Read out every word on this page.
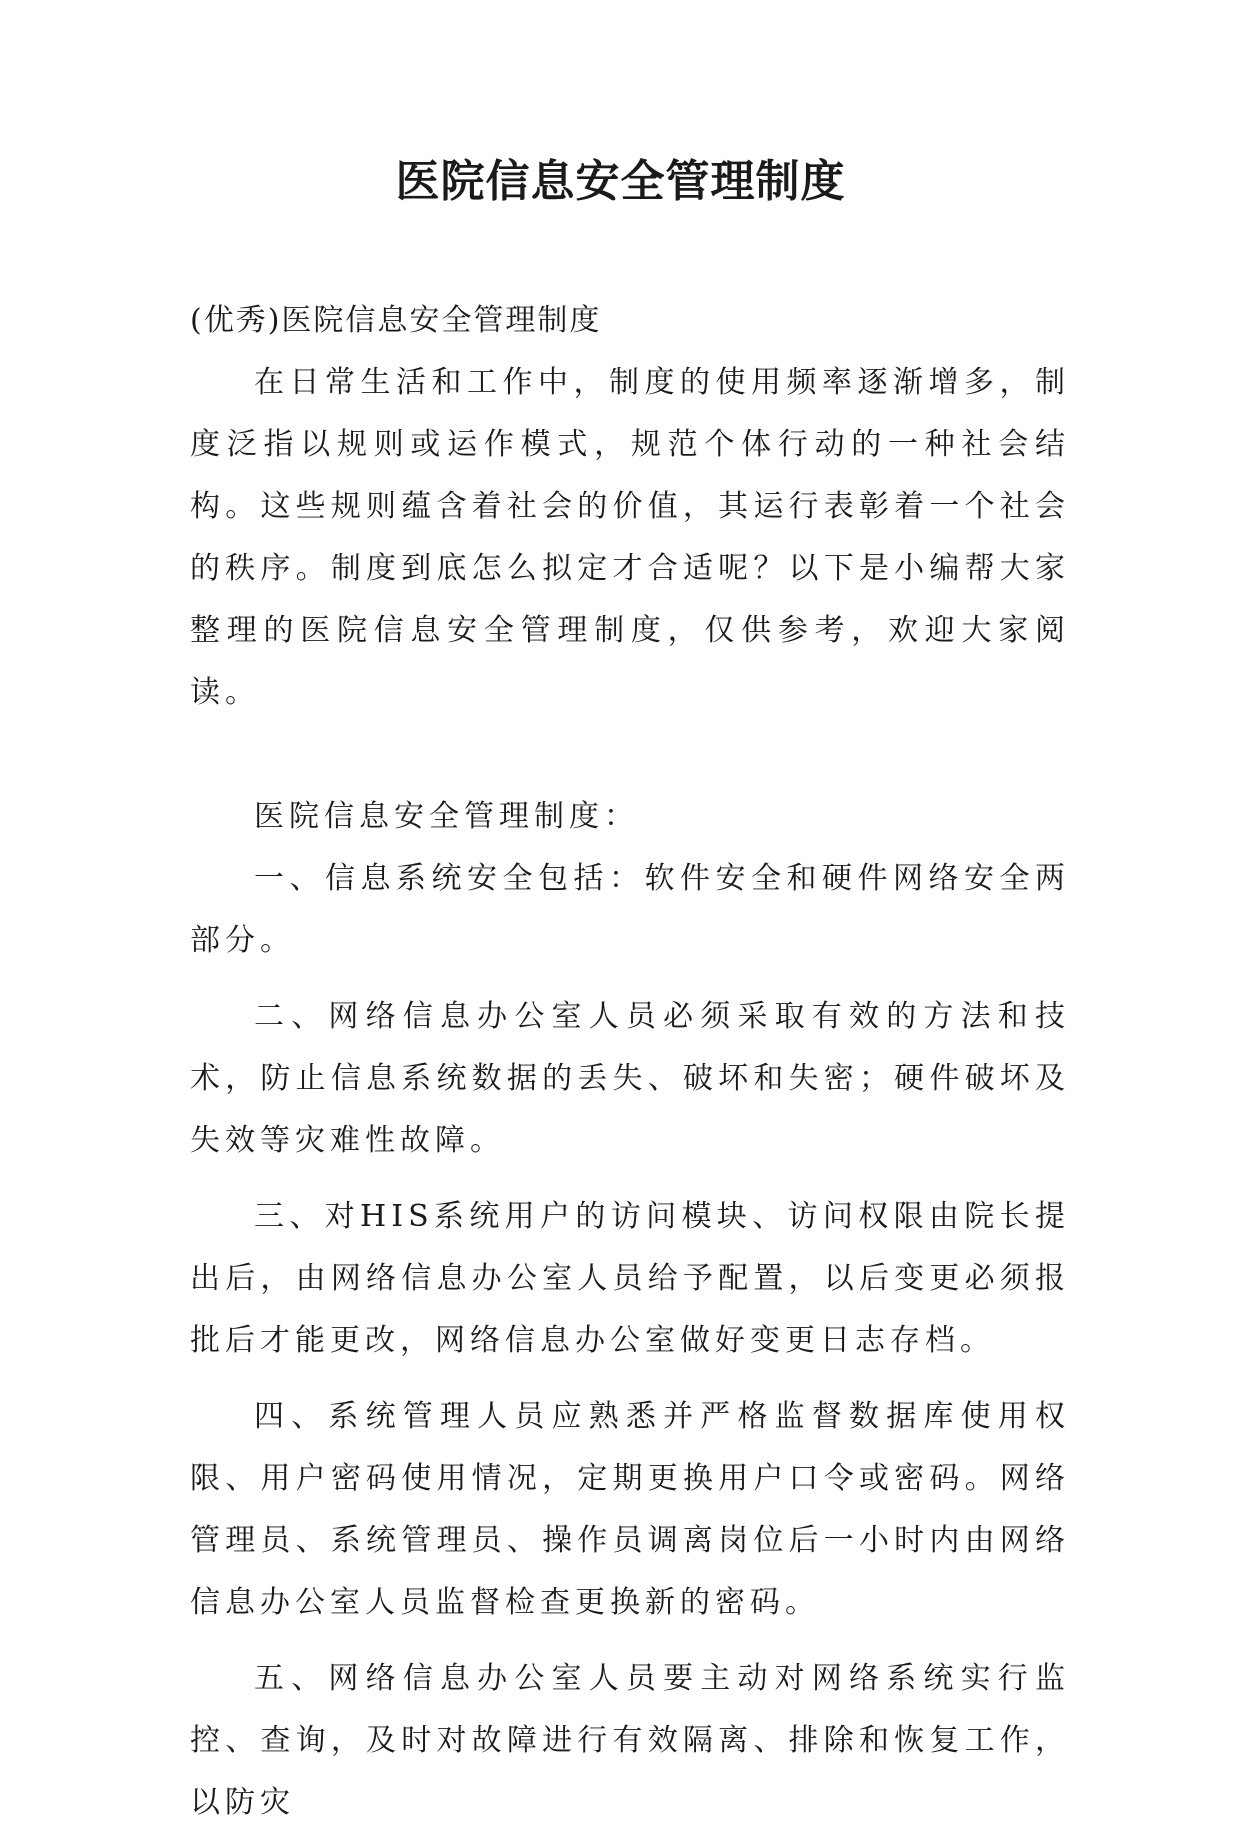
医院信息安全管理制度

(优秀)医院信息安全管理制度

在日常生活和工作中，制度的使用频率逐渐增多，制度泛指以规则或运作模式，规范个体行动的一种社会结构。这些规则蕴含着社会的价值，其运行表彰着一个社会的秩序。制度到底怎么拟定才合适呢？以下是小编帮大家整理的医院信息安全管理制度，仅供参考，欢迎大家阅读。

医院信息安全管理制度：

一、信息系统安全包括：软件安全和硬件网络安全两部分。

二、网络信息办公室人员必须采取有效的方法和技术，防止信息系统数据的丢失、破坏和失密；硬件破坏及失效等灾难性故障。

三、对HIS系统用户的访问模块、访问权限由院长提出后，由网络信息办公室人员给予配置，以后变更必须报批后才能更改，网络信息办公室做好变更日志存档。

四、系统管理人员应熟悉并严格监督数据库使用权限、用户密码使用情况，定期更换用户口令或密码。网络管理员、系统管理员、操作员调离岗位后一小时内由网络信息办公室人员监督检查更换新的密码。

五、网络信息办公室人员要主动对网络系统实行监控、查询，及时对故障进行有效隔离、排除和恢复工作，以防灾
